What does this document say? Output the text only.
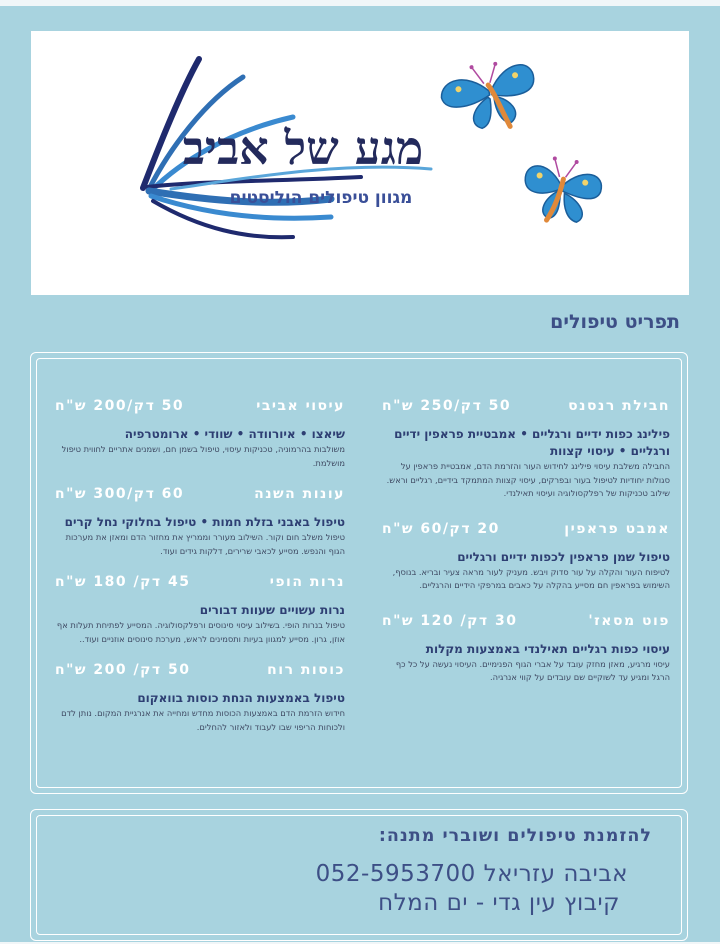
מגע של אביב
מגוון טיפולים הוליסטים
תפריט טיפולים
חבילת רנסנס
50 דק/250 ש"ח
פילינג כפות ידיים ורגליים • אמבטיית פראפין ידיים ורגליים • עיסוי קצוות
החבילה משלבת עיסוי פילינג לחידוש העור והזרמת הדם, אמבטיית פראפין על סגולות יחודיות לטיפול בעור ובפרקים, עיסוי קצוות המתמקד בידיים, רגליים וראש. שילוב טכניקות של רפלקסולוגיה ועיסוי תאילנדי.
אמבט פראפין
20 דק/60 ש"ח
טיפול שמן פראפין לכפות ידיים ורגליים
לטיפוח העור והקלה על עור סדוק ויבש. מעניק לעור מראה צעיר ובריא. בנוסף, השימוש בפראפין חם מסייע בהקלה על כאבים במרפקי הידיים והרגליים.
פוט מסאז'
30 דק/ 120 ש"ח
עיסוי כפות רגליים תאילנדי באמצעות מקלות
עיסוי מרגיע, מאזן מחזק עובד על אברי הגוף הפנימיים. העיסוי נעשה על כל כף הרגל ומגיע עד לשוקיים שם עובדים על קווי אנרגיה.
עיסוי אביבי
50 דק/200 ש"ח
שיאצו • איורוודה • שוודי • ארומטרפיה
משולבות בהרמוניה, טכניקות עיסוי, טיפול בשמן חם, ושמנים אתריים לחווית טיפול מושלמת.
עונות השנה
60 דק/300 ש"ח
טיפול באבני בזלת חמות • טיפול בחלוקי נחל קרים
טיפול משלב חום וקור. השילוב מעורר וממריץ את מחזור הדם ומאזן את מערכות הגוף והנפש. מסייע לכאבי שרירים, דלקות גידים ועוד.
נרות הופי
45 דק/ 180 ש"ח
נרות עשויים שעוות דבורים
טיפול בנרות הופי. בשילוב עיסוי סינוסים ורפלקסולוגיה. המסייע לפתיחת תעלות אף אוזן, גרון. מסייע למגוון בעיות ותסמינים לראש, מערכת סינוסים אוזניים ועוד..
כוסות רוח
50 דק/ 200 ש"ח
טיפול באמצעות הנחת כוסות בוואקום
חידוש הזרמת הדם באמצעות הכוסות מחדש ומחייה את אנרגיית המקום. נותן לדם ולכוחות הריפוי שבו לעבוד ולאזור להחלים.
להזמנת טיפולים ושוברי מתנה:
אביבה עזריאל 052-5953700
קיבוץ עין גדי - ים המלח
